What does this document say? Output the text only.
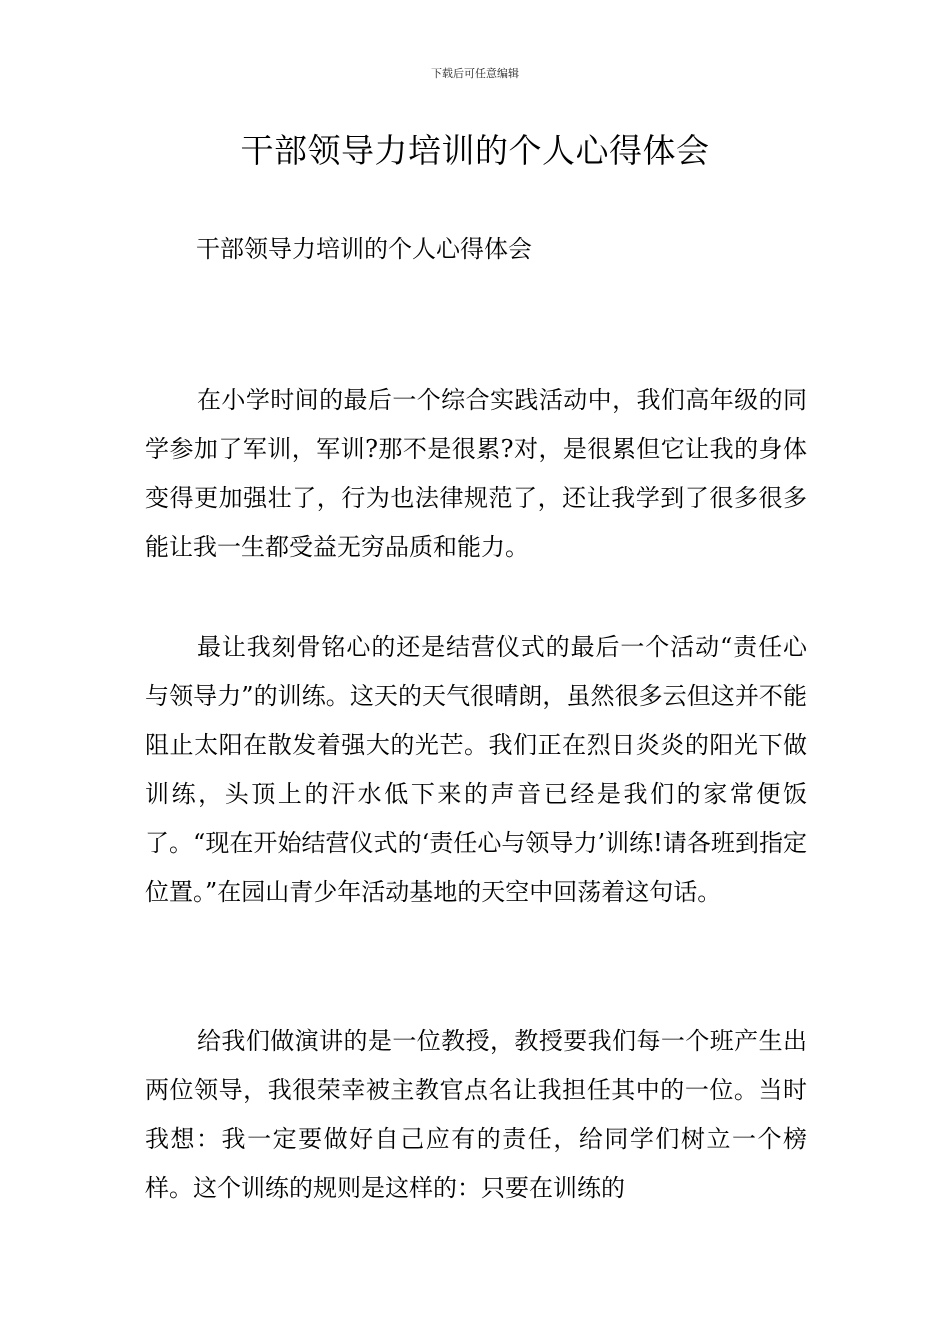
下载后可任意编辑
干部领导力培训的个人心得体会

干部领导力培训的个人心得体会

在小学时间的最后一个综合实践活动中，我们高年级的同学参加了军训，军训?那不是很累?对，是很累但它让我的身体变得更加强壮了，行为也法律规范了，还让我学到了很多很多能让我一生都受益无穷品质和能力。

最让我刻骨铭心的还是结营仪式的最后一个活动“责任心与领导力”的训练。这天的天气很晴朗，虽然很多云但这并不能阻止太阳在散发着强大的光芒。我们正在烈日炎炎的阳光下做训练，头顶上的汗水低下来的声音已经是我们的家常便饭了。“现在开始结营仪式的‘责任心与领导力’训练!请各班到指定位置。”在园山青少年活动基地的天空中回荡着这句话。

给我们做演讲的是一位教授，教授要我们每一个班产生出两位领导，我很荣幸被主教官点名让我担任其中的一位。当时我想：我一定要做好自己应有的责任，给同学们树立一个榜样。这个训练的规则是这样的：只要在训练的
